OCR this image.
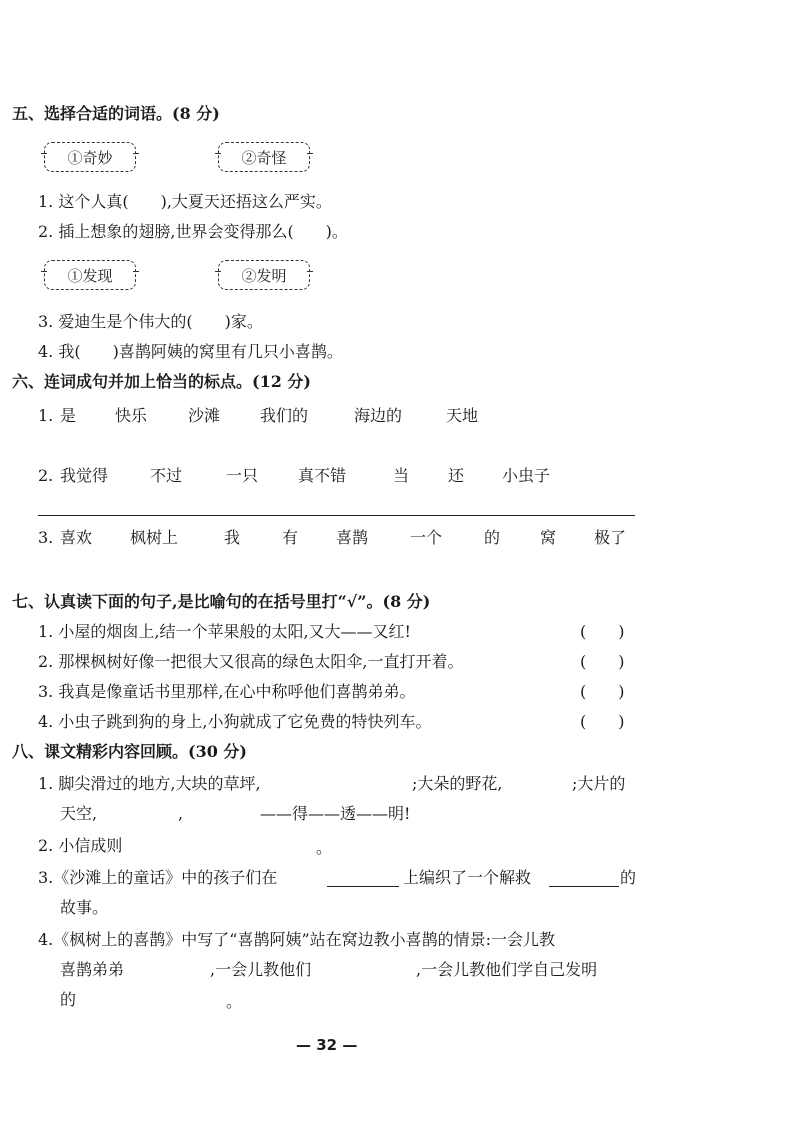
五、选择合适的词语。(8 分)
①奇妙	②奇怪
1. 这个人真(　　),大夏天还捂这么严实。
2. 插上想象的翅膀,世界会变得那么(　　)。
①发现	②发明
3. 爱迪生是个伟大的(　　)家。
4. 我(　　)喜鹊阿姨的窝里有几只小喜鹊。
六、连词成句并加上恰当的标点。(12 分)
1. 是 快乐	沙滩 我们的	海边的	天地
2. 我觉得	不过	一只 真不错	当 还 小虫子
3. 喜欢 枫树上	我	有 喜鹊	一个	的 窝 极了
七、认真读下面的句子,是比喻句的在括号里打“√”。(8 分)
1. 小屋的烟囱上,结一个苹果般的太阳,又大——又红!	(　　)
2. 那棵枫树好像一把很大又很高的绿色太阳伞,一直打开着。	(　　)
3. 我真是像童话书里那样,在心中称呼他们喜鹊弟弟。	(　　)
4. 小虫子跳到狗的身上,小狗就成了它免费的特快列车。	(　　)
八、课文精彩内容回顾。(30 分)
1. 脚尖滑过的地方,大块的草坪,	;大朵的野花,	;大片的
天空,	,	——得——透——明!
2. 小信成则	。
3.《沙滩上的童话》中的孩子们在	上编织了一个解救	的
故事。
4.《枫树上的喜鹊》中写了“喜鹊阿姨”站在窝边教小喜鹊的情景:一会儿教
喜鹊弟弟	,一会儿教他们	,一会儿教他们学自己发明
的	。
— 32 —
